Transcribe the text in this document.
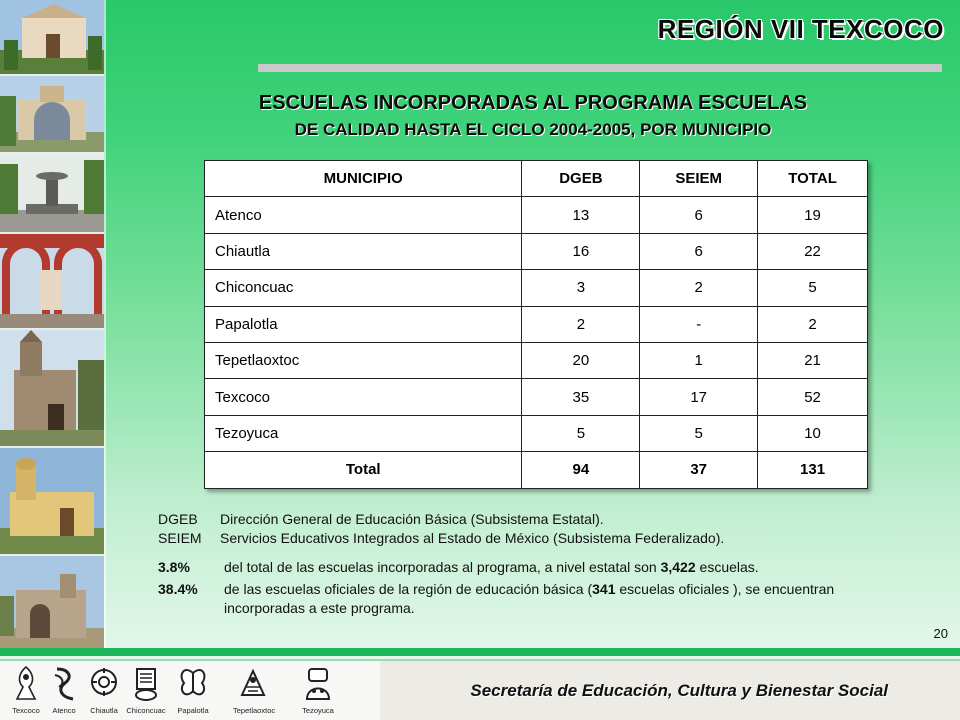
REGIÓN VII TEXCOCO
ESCUELAS INCORPORADAS AL PROGRAMA ESCUELAS
DE CALIDAD HASTA EL CICLO 2004-2005, POR MUNICIPIO
MUNICIPIO	DGEB	SEIEM	TOTAL
Atenco	13	6	19
Chiautla	16	6	22
Chiconcuac	3	2	5
Papalotla	2	-	2
Tepetlaoxtoc	20	1	21
Texcoco	35	17	52
Tezoyuca	5	5	10
Total	94	37	131
DGEB	Dirección General de Educación Básica (Subsistema Estatal).
SEIEM	Servicios Educativos Integrados al Estado de México (Subsistema Federalizado).
3.8%	del total de las escuelas incorporadas al programa, a nivel estatal son 3,422 escuelas.
38.4%	de las escuelas oficiales de la región de educación básica (341 escuelas oficiales ), se encuentran incorporadas a este programa.
20
Texcoco	Atenco	Chiautla	Chiconcuac	Papalotla	Tepetlaoxtoc	Tezoyuca
Secretaría de Educación, Cultura y Bienestar Social
